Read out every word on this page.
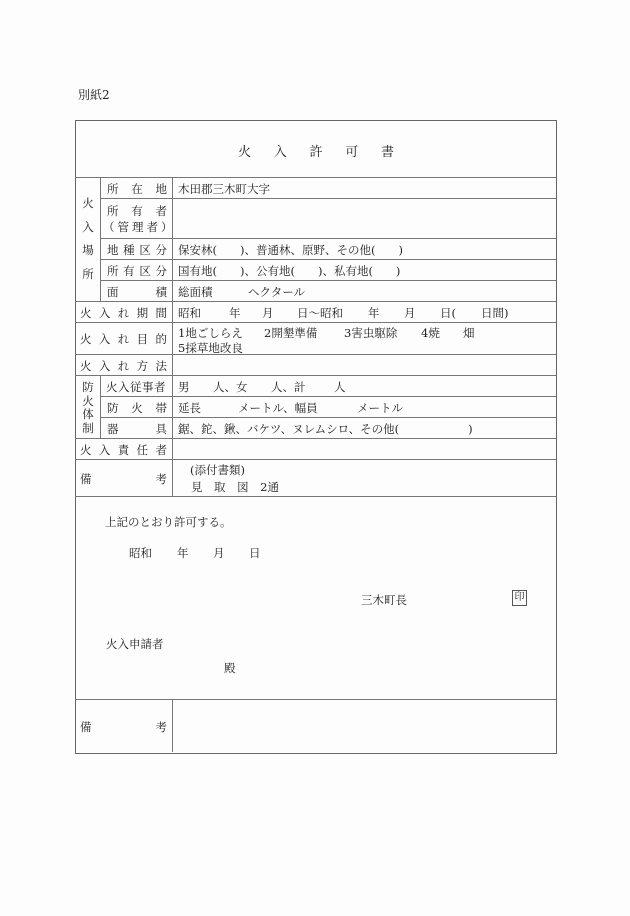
別紙2
火 入 許 可 書
火
入
場
所
防
火
体
制
所 在 地 木田郡三木町大字
所 有 者
（管理者）
地 種 区 分 保安林(　　)、普通林、原野、その他(　　)
所 有 区 分 国有地(　　)、公有地(　　)、私有地(　　)
面	積 総面積	ヘクタール
火 入 れ 期 間 昭和 年 月 日～昭和 年 月 日( 日間)
火 入 れ 目 的 1地ごしらえ 2開墾準備 3害虫駆除 4焼 畑
5採草地改良
火 入 れ 方 法
火入従事者 男 人、女 人、計 人
防 火 帯 延長	メートル、幅員	メートル
器	具 鋸、鉈、鍬、バケツ、ヌレムシロ、その他(　　　　　　)
火 入 責 任 者
備	考
(添付書類)
見 取 図 2通
上記のとおり許可する。
昭和 年 月 日
三木町長	印
火入申請者
殿
備	考
